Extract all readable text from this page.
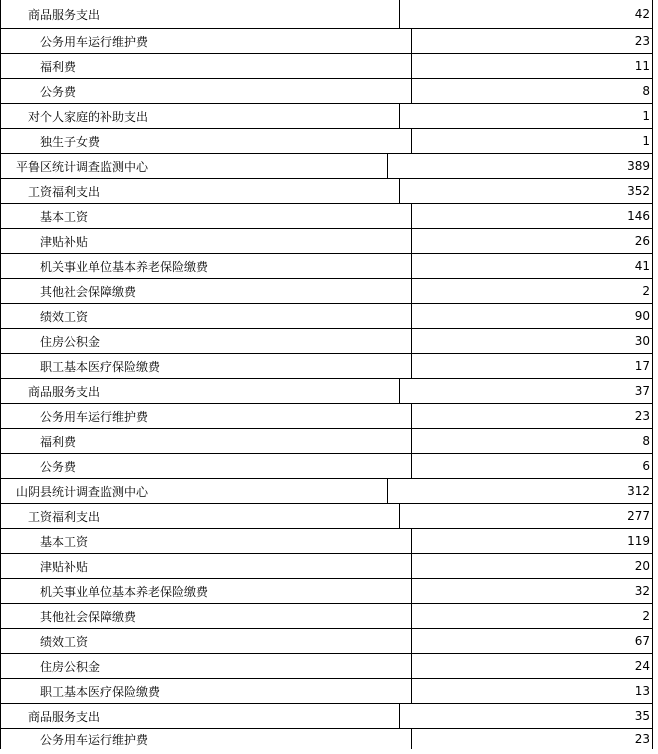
商品服务支出	42
公务用车运行维护费	23
福利费	11
公务费	8
对个人家庭的补助支出	1
独生子女费	1
平鲁区统计调查监测中心	389
工资福利支出	352
基本工资	146
津贴补贴	26
机关事业单位基本养老保险缴费	41
其他社会保障缴费	2
绩效工资	90
住房公积金	30
职工基本医疗保险缴费	17
商品服务支出	37
公务用车运行维护费	23
福利费	8
公务费	6
山阴县统计调查监测中心	312
工资福利支出	277
基本工资	119
津贴补贴	20
机关事业单位基本养老保险缴费	32
其他社会保障缴费	2
绩效工资	67
住房公积金	24
职工基本医疗保险缴费	13
商品服务支出	35
公务用车运行维护费	23
